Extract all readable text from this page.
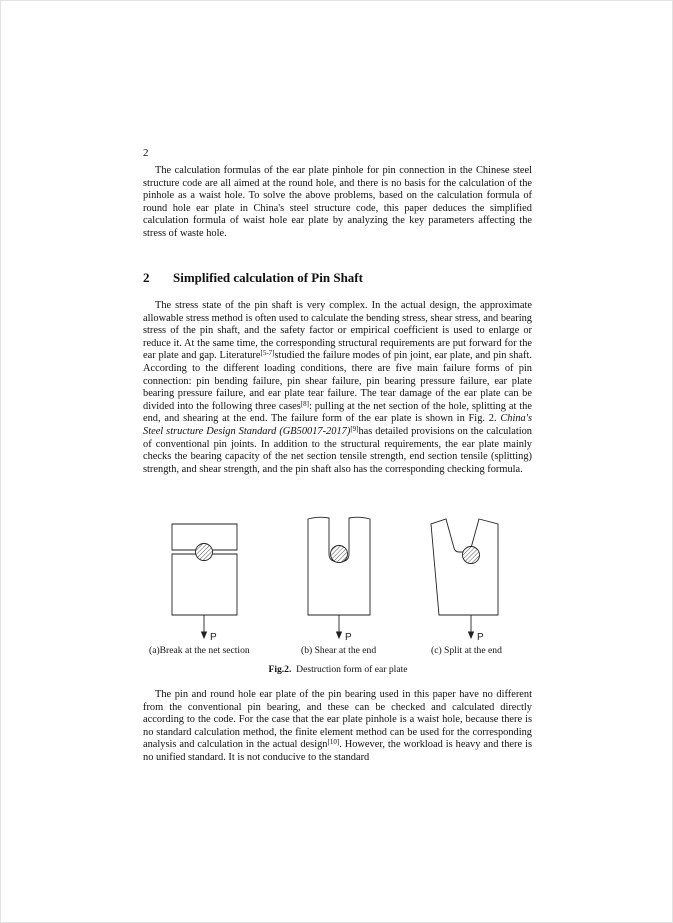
2

The calculation formulas of the ear plate pinhole for pin connection in the Chinese steel structure code are all aimed at the round hole, and there is no basis for the calculation of the pinhole as a waist hole. To solve the above problems, based on the calculation formula of round hole ear plate in China's steel structure code, this paper deduces the simplified calculation formula of waist hole ear plate by analyzing the key parameters affecting the stress of waste hole.

2 Simplified calculation of Pin Shaft

The stress state of the pin shaft is very complex. In the actual design, the approximate allowable stress method is often used to calculate the bending stress, shear stress, and bearing stress of the pin shaft, and the safety factor or empirical coefficient is used to enlarge or reduce it. At the same time, the corresponding structural requirements are put forward for the ear plate and gap. Literature[5-7]studied the failure modes of pin joint, ear plate, and pin shaft. According to the different loading conditions, there are five main failure forms of pin connection: pin bending failure, pin shear failure, pin bearing pressure failure, ear plate bearing pressure failure, and ear plate tear failure. The tear damage of the ear plate can be divided into the following three cases[8]: pulling at the net section of the hole, splitting at the end, and shearing at the end. The failure form of the ear plate is shown in Fig. 2. China's Steel structure Design Standard (GB50017-2017)[9]has detailed provisions on the calculation of conventional pin joints. In addition to the structural requirements, the ear plate mainly checks the bearing capacity of the net section tensile strength, end section tensile (splitting) strength, and shear strength, and the pin shaft also has the corresponding checking formula.

P	P	P
(a)Break at the net section	(b) Shear at the end	(c) Split at the end
Fig.2. Destruction form of ear plate

The pin and round hole ear plate of the pin bearing used in this paper have no different from the conventional pin bearing, and these can be checked and calculated directly according to the code. For the case that the ear plate pinhole is a waist hole, because there is no standard calculation method, the finite element method can be used for the corresponding analysis and calculation in the actual design[10]. However, the workload is heavy and there is no unified standard. It is not conducive to the standard
